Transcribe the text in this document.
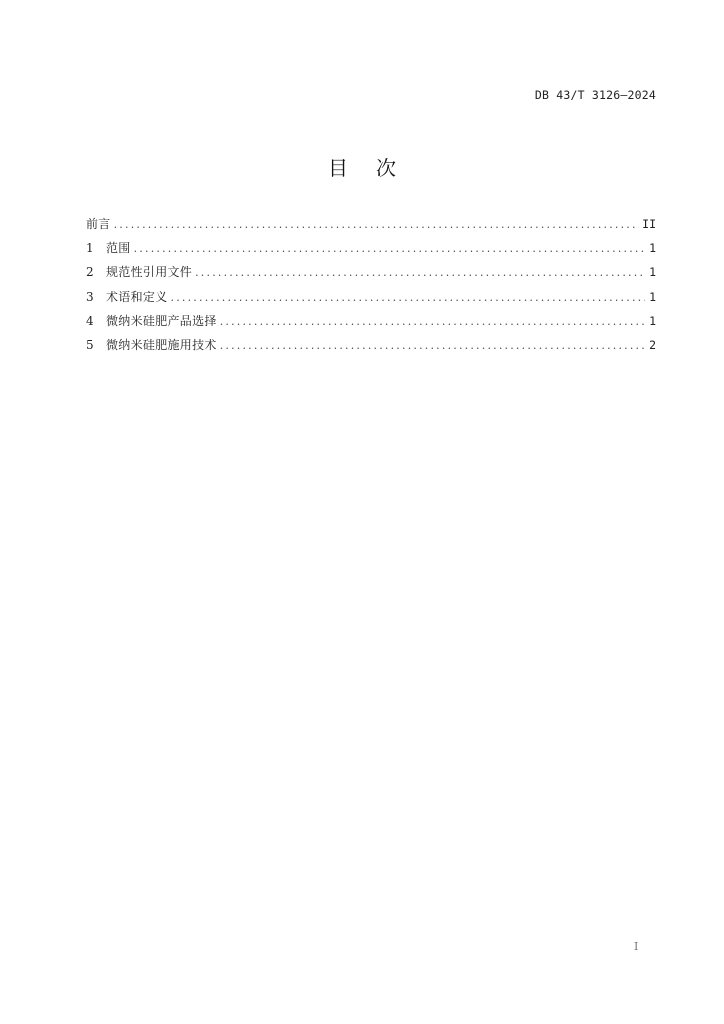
DB 43/T 3126—2024
目次
前言 .....	II
1	范围 .....	1
2	规范性引用文件 .....	1
3	术语和定义 .....	1
4	微纳米硅肥产品选择 .....	1
5	微纳米硅肥施用技术 .....	2
I
